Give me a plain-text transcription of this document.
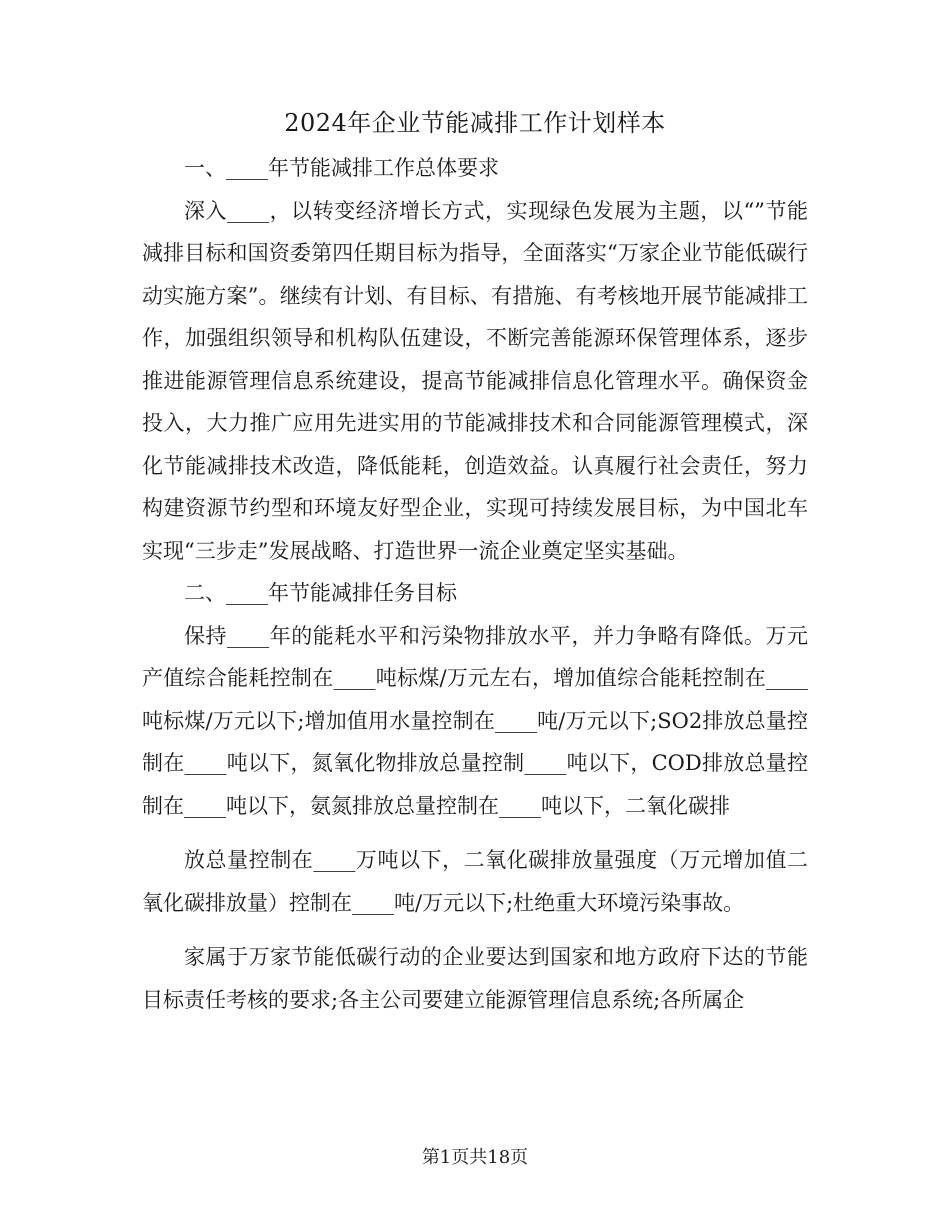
2024年企业节能减排工作计划样本

一、____年节能减排工作总体要求

深入____，以转变经济增长方式，实现绿色发展为主题，以“”节能减排目标和国资委第四任期目标为指导，全面落实“万家企业节能低碳行动实施方案”。继续有计划、有目标、有措施、有考核地开展节能减排工作，加强组织领导和机构队伍建设，不断完善能源环保管理体系，逐步推进能源管理信息系统建设，提高节能减排信息化管理水平。确保资金投入，大力推广应用先进实用的节能减排技术和合同能源管理模式，深化节能减排技术改造，降低能耗，创造效益。认真履行社会责任，努力构建资源节约型和环境友好型企业，实现可持续发展目标，为中国北车实现“三步走”发展战略、打造世界一流企业奠定坚实基础。

二、____年节能减排任务目标

保持____年的能耗水平和污染物排放水平，并力争略有降低。万元产值综合能耗控制在____吨标煤/万元左右，增加值综合能耗控制在____吨标煤/万元以下;增加值用水量控制在____吨/万元以下;SO2排放总量控制在____吨以下，氮氧化物排放总量控制____吨以下，COD排放总量控制在____吨以下，氨氮排放总量控制在____吨以下，二氧化碳排

放总量控制在____万吨以下，二氧化碳排放量强度（万元增加值二氧化碳排放量）控制在____吨/万元以下;杜绝重大环境污染事故。

家属于万家节能低碳行动的企业要达到国家和地方政府下达的节能目标责任考核的要求;各主公司要建立能源管理信息系统;各所属企

第1页共18页
